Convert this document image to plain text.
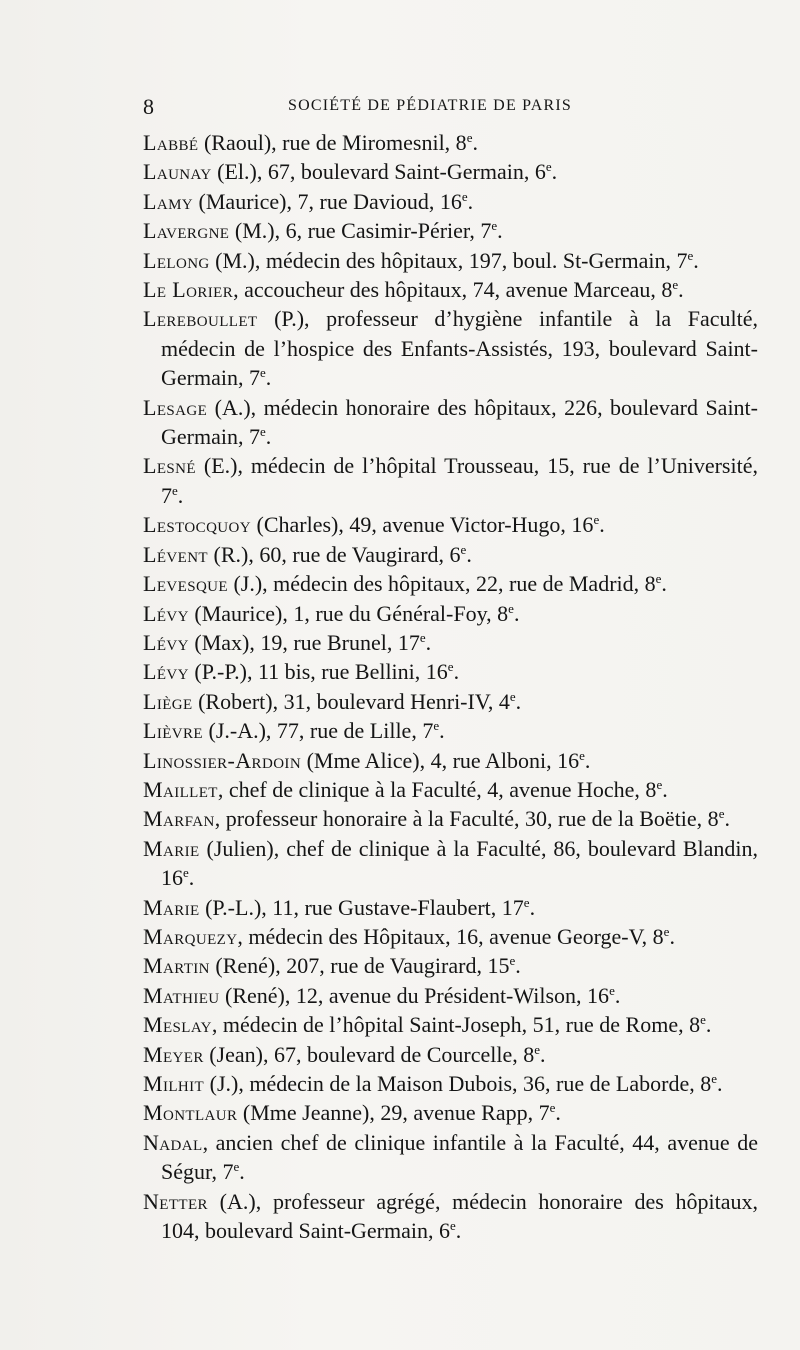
8	SOCIÉTÉ DE PÉDIATRIE DE PARIS

Labbé (Raoul), rue de Miromesnil, 8e.

Launay (El.), 67, boulevard Saint-Germain, 6e.

Lamy (Maurice), 7, rue Davioud, 16e.

Lavergne (M.), 6, rue Casimir-Périer, 7e.

Lelong (M.), médecin des hôpitaux, 197, boul. St-Germain, 7e.

Le Lorier, accoucheur des hôpitaux, 74, avenue Marceau, 8e.

Lereboullet (P.), professeur d’hygiène infantile à la Faculté, médecin de l’hospice des Enfants-Assistés, 193, boulevard Saint-Germain, 7e.

Lesage (A.), médecin honoraire des hôpitaux, 226, boulevard Saint-Germain, 7e.

Lesné (E.), médecin de l’hôpital Trousseau, 15, rue de l’Université, 7e.

Lestocquoy (Charles), 49, avenue Victor-Hugo, 16e.

Lévent (R.), 60, rue de Vaugirard, 6e.

Levesque (J.), médecin des hôpitaux, 22, rue de Madrid, 8e.

Lévy (Maurice), 1, rue du Général-Foy, 8e.

Lévy (Max), 19, rue Brunel, 17e.

Lévy (P.-P.), 11 bis, rue Bellini, 16e.

Liège (Robert), 31, boulevard Henri-IV, 4e.

Lièvre (J.-A.), 77, rue de Lille, 7e.

Linossier-Ardoin (Mme Alice), 4, rue Alboni, 16e.

Maillet, chef de clinique à la Faculté, 4, avenue Hoche, 8e.

Marfan, professeur honoraire à la Faculté, 30, rue de la Boëtie, 8e.

Marie (Julien), chef de clinique à la Faculté, 86, boulevard Blandin, 16e.

Marie (P.-L.), 11, rue Gustave-Flaubert, 17e.

Marquezy, médecin des Hôpitaux, 16, avenue George-V, 8e.

Martin (René), 207, rue de Vaugirard, 15e.

Mathieu (René), 12, avenue du Président-Wilson, 16e.

Meslay, médecin de l’hôpital Saint-Joseph, 51, rue de Rome, 8e.

Meyer (Jean), 67, boulevard de Courcelle, 8e.

Milhit (J.), médecin de la Maison Dubois, 36, rue de Laborde, 8e.

Montlaur (Mme Jeanne), 29, avenue Rapp, 7e.

Nadal, ancien chef de clinique infantile à la Faculté, 44, avenue de Ségur, 7e.

Netter (A.), professeur agrégé, médecin honoraire des hôpitaux, 104, boulevard Saint-Germain, 6e.
